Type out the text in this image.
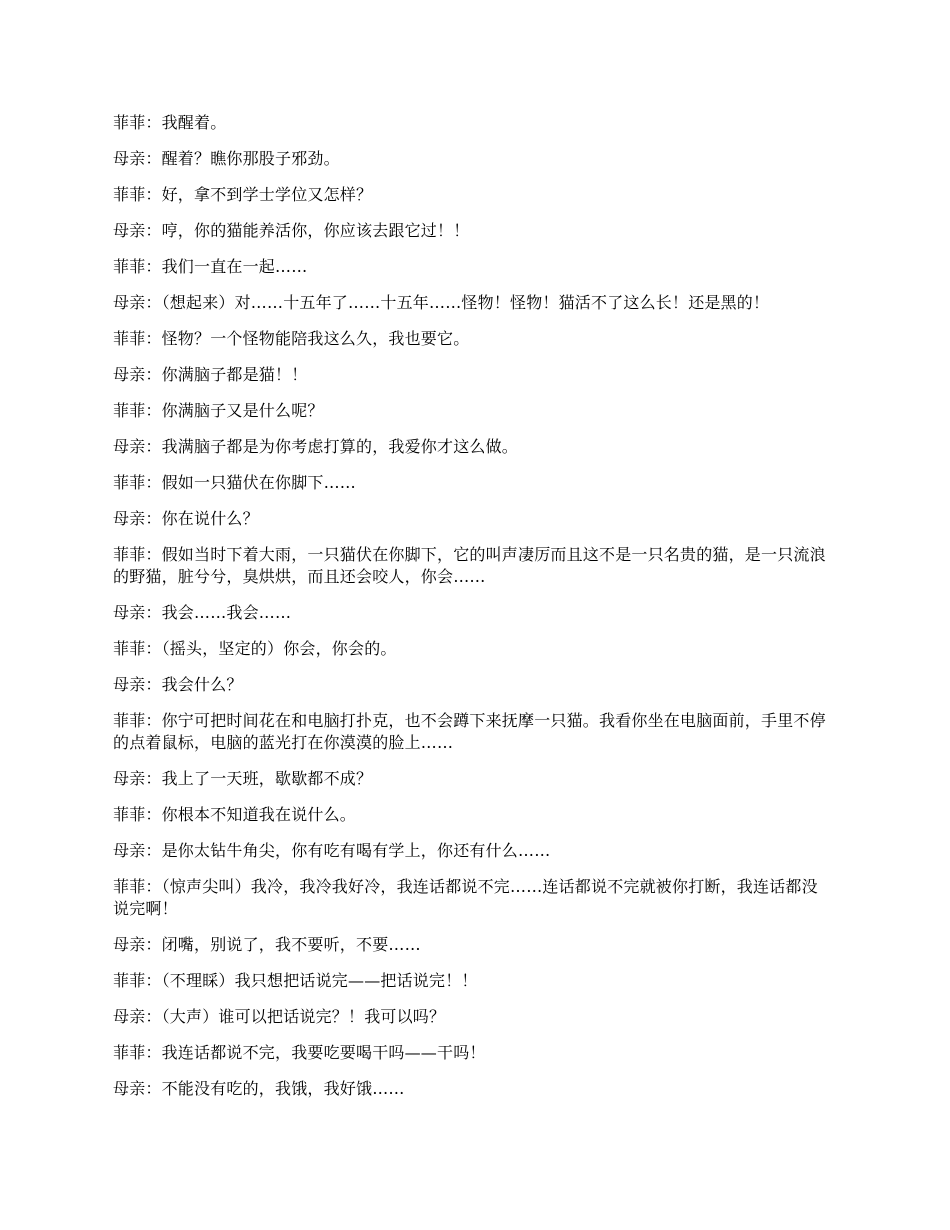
菲菲：我醒着。

母亲：醒着？瞧你那股子邪劲。

菲菲：好，拿不到学士学位又怎样？

母亲：哼，你的猫能养活你，你应该去跟它过！！

菲菲：我们一直在一起……

母亲：（想起来）对……十五年了……十五年……怪物！怪物！猫活不了这么长！还是黑的！

菲菲：怪物？一个怪物能陪我这么久，我也要它。

母亲：你满脑子都是猫！！

菲菲：你满脑子又是什么呢？

母亲：我满脑子都是为你考虑打算的，我爱你才这么做。

菲菲：假如一只猫伏在你脚下……

母亲：你在说什么？

菲菲：假如当时下着大雨，一只猫伏在你脚下，它的叫声凄厉而且这不是一只名贵的猫，是一只流浪的野猫，脏兮兮，臭烘烘，而且还会咬人，你会……

母亲：我会……我会……

菲菲：（摇头，坚定的）你会，你会的。

母亲：我会什么？

菲菲：你宁可把时间花在和电脑打扑克，也不会蹲下来抚摩一只猫。我看你坐在电脑面前，手里不停的点着鼠标，电脑的蓝光打在你漠漠的脸上……

母亲：我上了一天班，歇歇都不成？

菲菲：你根本不知道我在说什么。

母亲：是你太钻牛角尖，你有吃有喝有学上，你还有什么……

菲菲：（惊声尖叫）我冷，我冷我好冷，我连话都说不完……连话都说不完就被你打断，我连话都没说完啊！

母亲：闭嘴，别说了，我不要听，不要……

菲菲：（不理睬）我只想把话说完——把话说完！！

母亲：（大声）谁可以把话说完？！我可以吗？

菲菲：我连话都说不完，我要吃要喝干吗——干吗！

母亲：不能没有吃的，我饿，我好饿……
